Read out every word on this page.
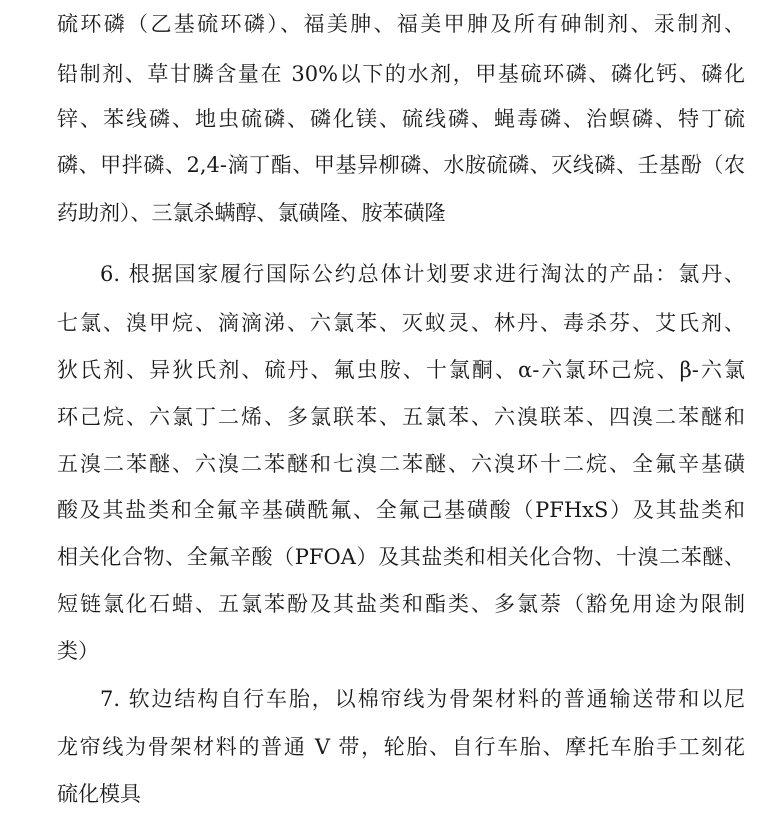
硫环磷（乙基硫环磷）、福美胂、福美甲胂及所有砷制剂、汞制剂、
铅制剂、草甘膦含量在 30%以下的水剂，甲基硫环磷、磷化钙、磷化
锌、苯线磷、地虫硫磷、磷化镁、硫线磷、蝇毒磷、治螟磷、特丁硫
磷、甲拌磷、2,4-滴丁酯、甲基异柳磷、水胺硫磷、灭线磷、壬基酚（农
药助剂）、三氯杀螨醇、氯磺隆、胺苯磺隆
6. 根据国家履行国际公约总体计划要求进行淘汰的产品：氯丹、
七氯、溴甲烷、滴滴涕、六氯苯、灭蚁灵、林丹、毒杀芬、艾氏剂、
狄氏剂、异狄氏剂、硫丹、氟虫胺、十氯酮、α-六氯环己烷、β-六氯
环己烷、六氯丁二烯、多氯联苯、五氯苯、六溴联苯、四溴二苯醚和
五溴二苯醚、六溴二苯醚和七溴二苯醚、六溴环十二烷、全氟辛基磺
酸及其盐类和全氟辛基磺酰氟、全氟己基磺酸（PFHxS）及其盐类和
相关化合物、全氟辛酸（PFOA）及其盐类和相关化合物、十溴二苯醚、
短链氯化石蜡、五氯苯酚及其盐类和酯类、多氯萘（豁免用途为限制
类）
7. 软边结构自行车胎，以棉帘线为骨架材料的普通输送带和以尼
龙帘线为骨架材料的普通 V 带，轮胎、自行车胎、摩托车胎手工刻花
硫化模具
